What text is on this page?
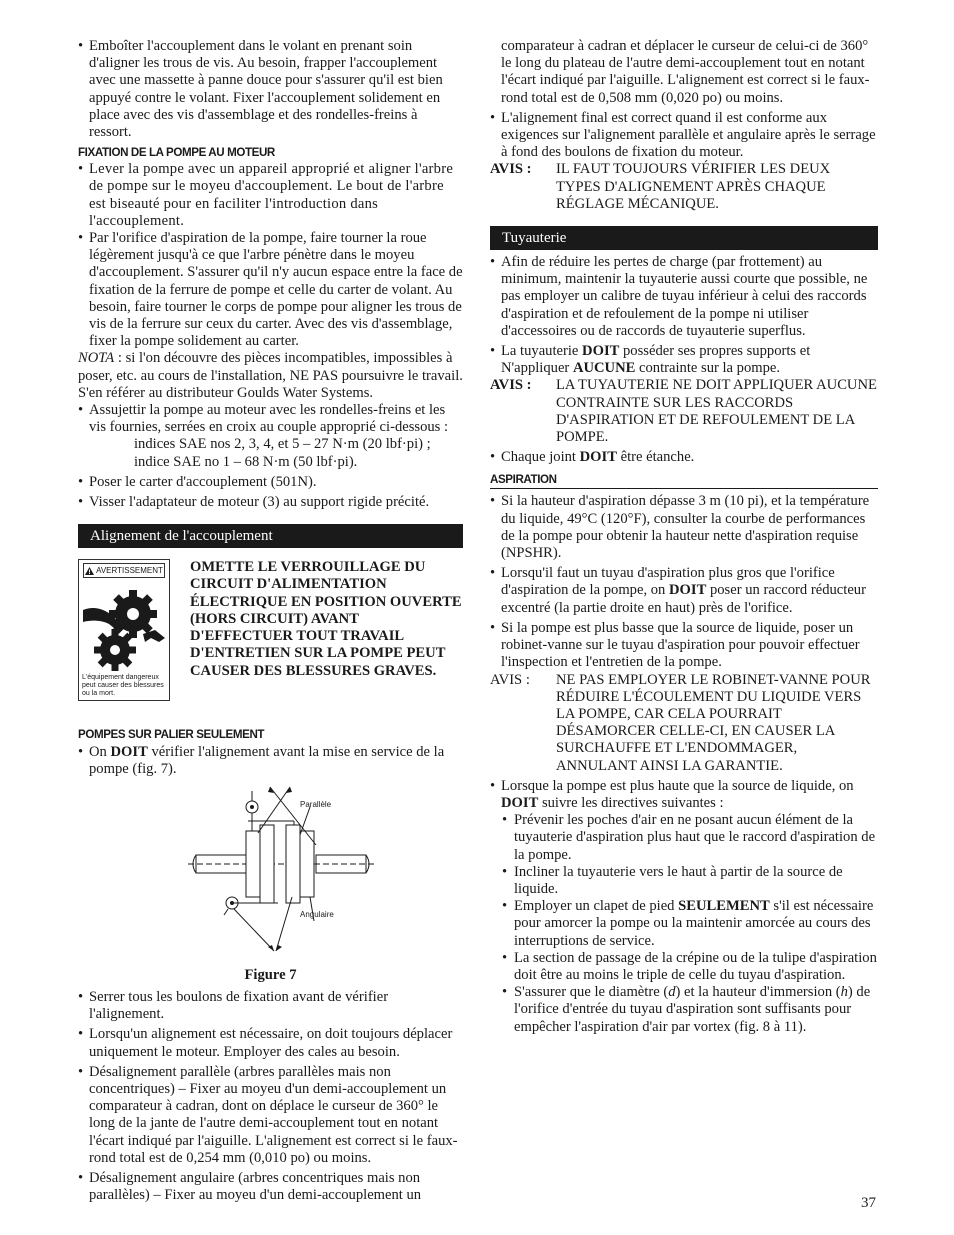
• Emboîter l'accouplement dans le volant en prenant soin d'aligner les trous de vis. Au besoin, frapper l'accouplement avec une massette à panne douce pour s'assurer qu'il est bien appuyé contre le volant. Fixer l'accouplement solidement en place avec des vis d'assemblage et des rondelles-freins à ressort.

FIXATION DE LA POMPE AU MOTEUR

• Lever la pompe avec un appareil approprié et aligner l'arbre de pompe sur le moyeu d'accouplement. Le bout de l'arbre est biseauté pour en faciliter l'introduction dans l'accouplement.

• Par l'orifice d'aspiration de la pompe, faire tourner la roue légèrement jusqu'à ce que l'arbre pénètre dans le moyeu d'accouplement. S'assurer qu'il n'y aucun espace entre la face de fixation de la ferrure de pompe et celle du carter de volant. Au besoin, faire tourner le corps de pompe pour aligner les trous de vis de la ferrure sur ceux du carter. Avec des vis d'assemblage, fixer la pompe solidement au carter.

NOTA : si l'on découvre des pièces incompatibles, impossibles à poser, etc. au cours de l'installation, NE PAS poursuivre le travail. S'en référer au distributeur Goulds Water Systems.

• Assujettir la pompe au moteur avec les rondelles-freins et les vis fournies, serrées en croix au couple approprié ci-dessous :

indices SAE nos 2, 3, 4, et 5 – 27 N·m (20 lbf·pi) ;

indice SAE no 1 – 68 N·m (50 lbf·pi).

• Poser le carter d'accouplement (501N).

• Visser l'adaptateur de moteur (3) au support rigide précité.

Alignement de l'accouplement
AVERTISSEMENT
L'équipement dangereux peut causer des blessures ou la mort.
OMETTE LE VERROUILLAGE DU CIRCUIT D'ALIMENTATION ÉLECTRIQUE EN POSITION OUVERTE (HORS CIRCUIT) AVANT D'EFFECTUER TOUT TRAVAIL D'ENTRETIEN SUR LA POMPE PEUT CAUSER DES BLESSURES GRAVES.
POMPES SUR PALIER SEULEMENT

• On DOIT vérifier l'alignement avant la mise en service de la pompe (fig. 7).

Parallèle
Angulaire
Figure 7

• Serrer tous les boulons de fixation avant de vérifier l'alignement.

• Lorsqu'un alignement est nécessaire, on doit toujours déplacer uniquement le moteur. Employer des cales au besoin.

• Désalignement parallèle (arbres parallèles mais non concentriques) – Fixer au moyeu d'un demi-accouplement un comparateur à cadran, dont on déplace le curseur de 360° le long de la jante de l'autre demi-accouplement tout en notant l'écart indiqué par l'aiguille. L'alignement est correct si le faux-rond total est de 0,254 mm (0,010 po) ou moins.

• Désalignement angulaire (arbres concentriques mais non parallèles) – Fixer au moyeu d'un demi-accouplement un

comparateur à cadran et déplacer le curseur de celui-ci de 360° le long du plateau de l'autre demi-accouplement tout en notant l'écart indiqué par l'aiguille. L'alignement est correct si le faux-rond total est de 0,508 mm (0,020 po) ou moins.

• L'alignement final est correct quand il est conforme aux exigences sur l'alignement parallèle et angulaire après le serrage à fond des boulons de fixation du moteur.

AVIS :	IL FAUT TOUJOURS VÉRIFIER LES DEUX TYPES D'ALIGNEMENT APRÈS CHAQUE RÉGLAGE MÉCANIQUE.
Tuyauterie

• Afin de réduire les pertes de charge (par frottement) au minimum, maintenir la tuyauterie aussi courte que possible, ne pas employer un calibre de tuyau inférieur à celui des raccords d'aspiration et de refoulement de la pompe ni utiliser d'accessoires ou de raccords de tuyauterie superflus.

• La tuyauterie DOIT posséder ses propres supports et N'appliquer AUCUNE contrainte sur la pompe.

AVIS :	LA TUYAUTERIE NE DOIT APPLIQUER AUCUNE CONTRAINTE SUR LES RACCORDS D'ASPIRATION ET DE REFOULEMENT DE LA POMPE.

• Chaque joint DOIT être étanche.

ASPIRATION

• Si la hauteur d'aspiration dépasse 3 m (10 pi), et la température du liquide, 49°C (120°F), consulter la courbe de performances de la pompe pour obtenir la hauteur nette d'aspiration requise (NPSHR).

• Lorsqu'il faut un tuyau d'aspiration plus gros que l'orifice d'aspiration de la pompe, on DOIT poser un raccord réducteur excentré (la partie droite en haut) près de l'orifice.

• Si la pompe est plus basse que la source de liquide, poser un robinet-vanne sur le tuyau d'aspiration pour pouvoir effectuer l'inspection et l'entretien de la pompe.

AVIS :	NE PAS EMPLOYER LE ROBINET-VANNE POUR RÉDUIRE L'ÉCOULEMENT DU LIQUIDE VERS LA POMPE, CAR CELA POURRAIT DÉSAMORCER CELLE-CI, EN CAUSER LA SURCHAUFFE ET L'ENDOMMAGER, ANNULANT AINSI LA GARANTIE.

• Lorsque la pompe est plus haute que la source de liquide, on DOIT suivre les directives suivantes :

• Prévenir les poches d'air en ne posant aucun élément de la tuyauterie d'aspiration plus haut que le raccord d'aspiration de la pompe.

• Incliner la tuyauterie vers le haut à partir de la source de liquide.

• Employer un clapet de pied SEULEMENT s'il est nécessaire pour amorcer la pompe ou la maintenir amorcée au cours des interruptions de service.

• La section de passage de la crépine ou de la tulipe d'aspiration doit être au moins le triple de celle du tuyau d'aspiration.

• S'assurer que le diamètre (d) et la hauteur d'immersion (h) de l'orifice d'entrée du tuyau d'aspiration sont suffisants pour empêcher l'aspiration d'air par vortex (fig. 8 à 11).

37
